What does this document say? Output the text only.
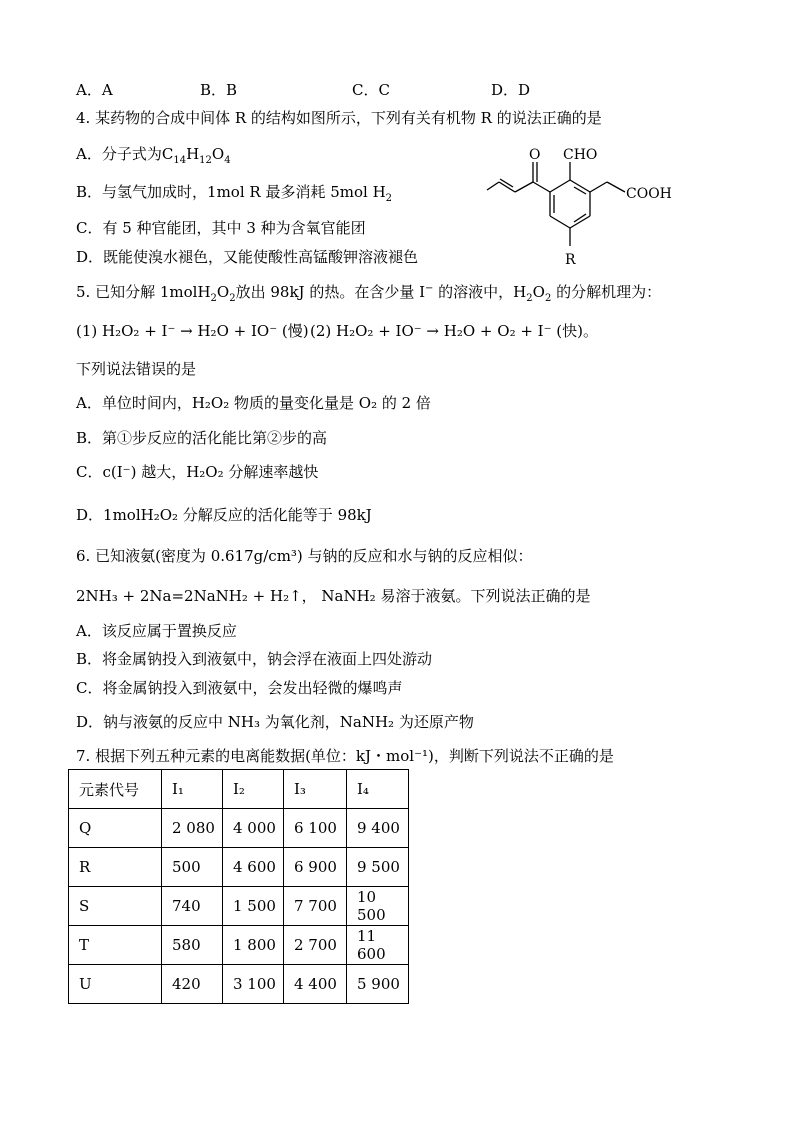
A．A	B．B	C．C	D．D
4. 某药物的合成中间体 R 的结构如图所示，下列有关有机物 R 的说法正确的是
A．分子式为$C_{14}H_{12}O_4$
B．与氢气加成时，1mol R 最多消耗 5mol $H_2$
C．有 5 种官能团，其中 3 种为含氧官能团
D．既能使溴水褪色，又能使酸性高锰酸钾溶液褪色
O CHO
COOH
R
5. 已知分解 $1molH_2O_2$放出 98kJ 的热。在含少量 I− 的溶液中，$H_2O_2$ 的分解机理为：
(1) H₂O₂ + I⁻ → H₂O + IO⁻ (慢) (2) H₂O₂ + IO⁻ → H₂O + O₂ + I⁻ (快)。
下列说法错误的是
A．单位时间内，H₂O₂ 物质的量变化量是 O₂ 的 2 倍
B．第①步反应的活化能比第②步的高
C．c(I⁻) 越大，H₂O₂ 分解速率越快
D．1molH₂O₂ 分解反应的活化能等于 98kJ
6. 已知液氨(密度为 0.617g/cm³) 与钠的反应和水与钠的反应相似：
2NH₃ + 2Na=2NaNH₂ + H₂↑， NaNH₂ 易溶于液氨。下列说法正确的是
A．该反应属于置换反应
B．将金属钠投入到液氨中，钠会浮在液面上四处游动
C．将金属钠投入到液氨中，会发出轻微的爆鸣声
D．钠与液氨的反应中 NH₃ 为氧化剂，NaNH₂ 为还原产物
7. 根据下列五种元素的电离能数据(单位：kJ・mol⁻¹)，判断下列说法不正确的是
元素代号	I₁	I₂	I₃	I₄
Q	2 080	4 000	6 100	9 400
R	500	4 600	6 900	9 500
S	740	1 500	7 700	10 500
T	580	1 800	2 700	11 600
U	420	3 100	4 400	5 900
